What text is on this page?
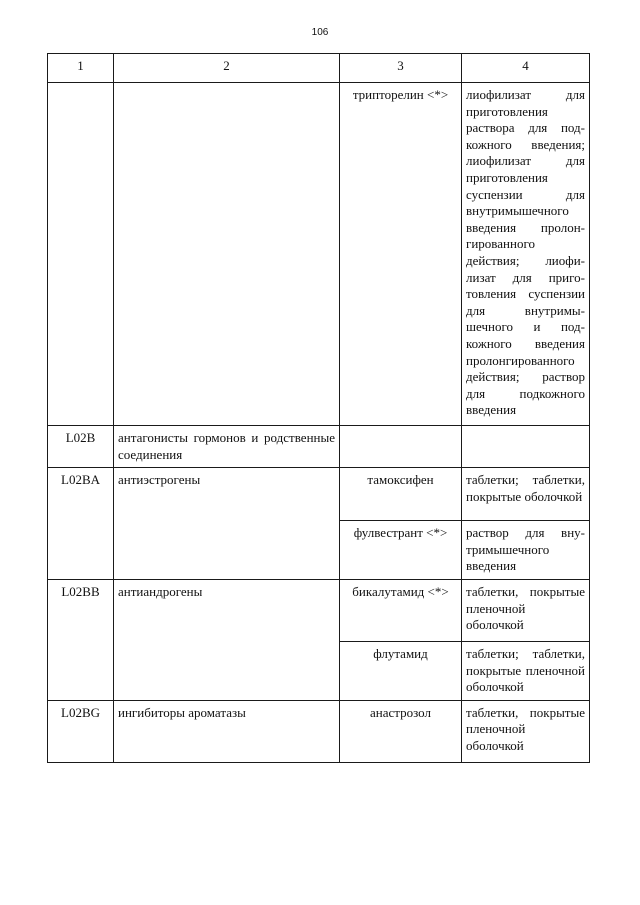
106
1	2	3	4
		трипторелин <*>	лиофилизат для приготовления раствора для подкожного введения; лиофилизат для приготовления суспензии для внутримышечного введения пролонгированного действия; лиофилизат для приготовления суспензии для внутримышечного и подкожного введения пролонгированного действия; раствор для подкожного введения
L02B	антагонисты гормонов и родственные соединения		
L02BA	антиэстрогены	тамоксифен	таблетки; таблетки, покрытые оболочкой
		фулвестрант <*>	раствор для внутримышечного введения
L02BB	антиандрогены	бикалутамид <*>	таблетки, покрытые пленочной оболочкой
		флутамид	таблетки; таблетки, покрытые пленочной оболочкой
L02BG	ингибиторы ароматазы	анастрозол	таблетки, покрытые пленочной оболочкой
